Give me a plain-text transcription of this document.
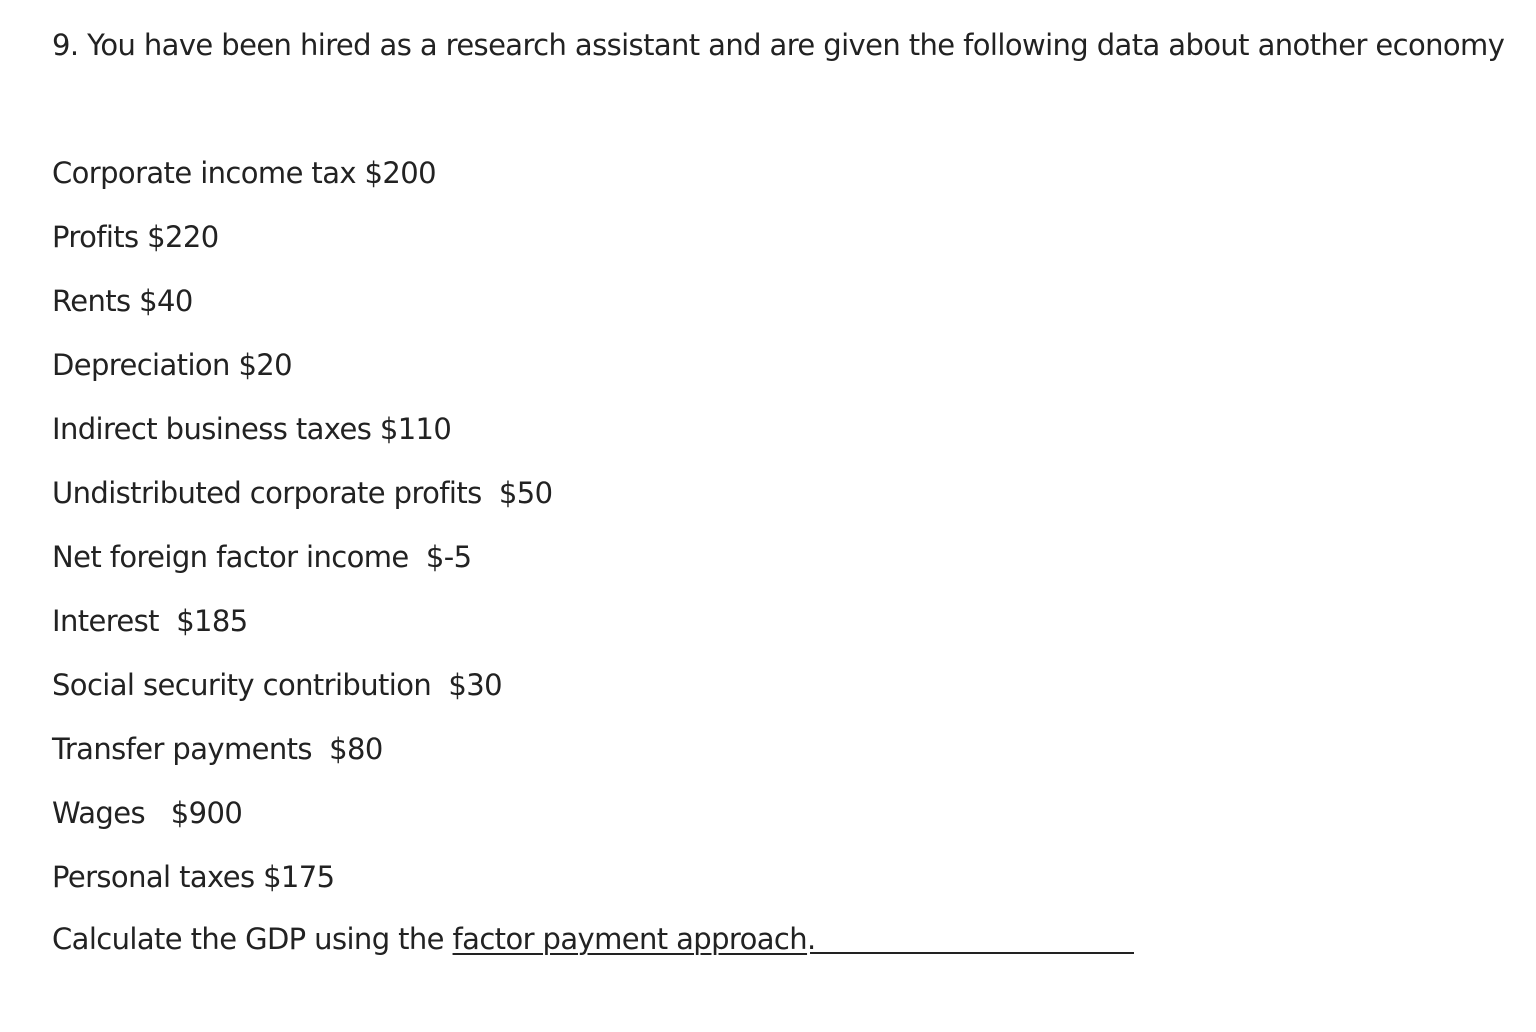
9. You have been hired as a research assistant and are given the following data about another economy
Corporate income tax $200
Profits $220
Rents $40
Depreciation $20
Indirect business taxes $110
Undistributed corporate profits  $50
Net foreign factor income  $-5
Interest  $185
Social security contribution  $30
Transfer payments  $80
Wages   $900
Personal taxes $175
Calculate the GDP using the factor payment approach.
